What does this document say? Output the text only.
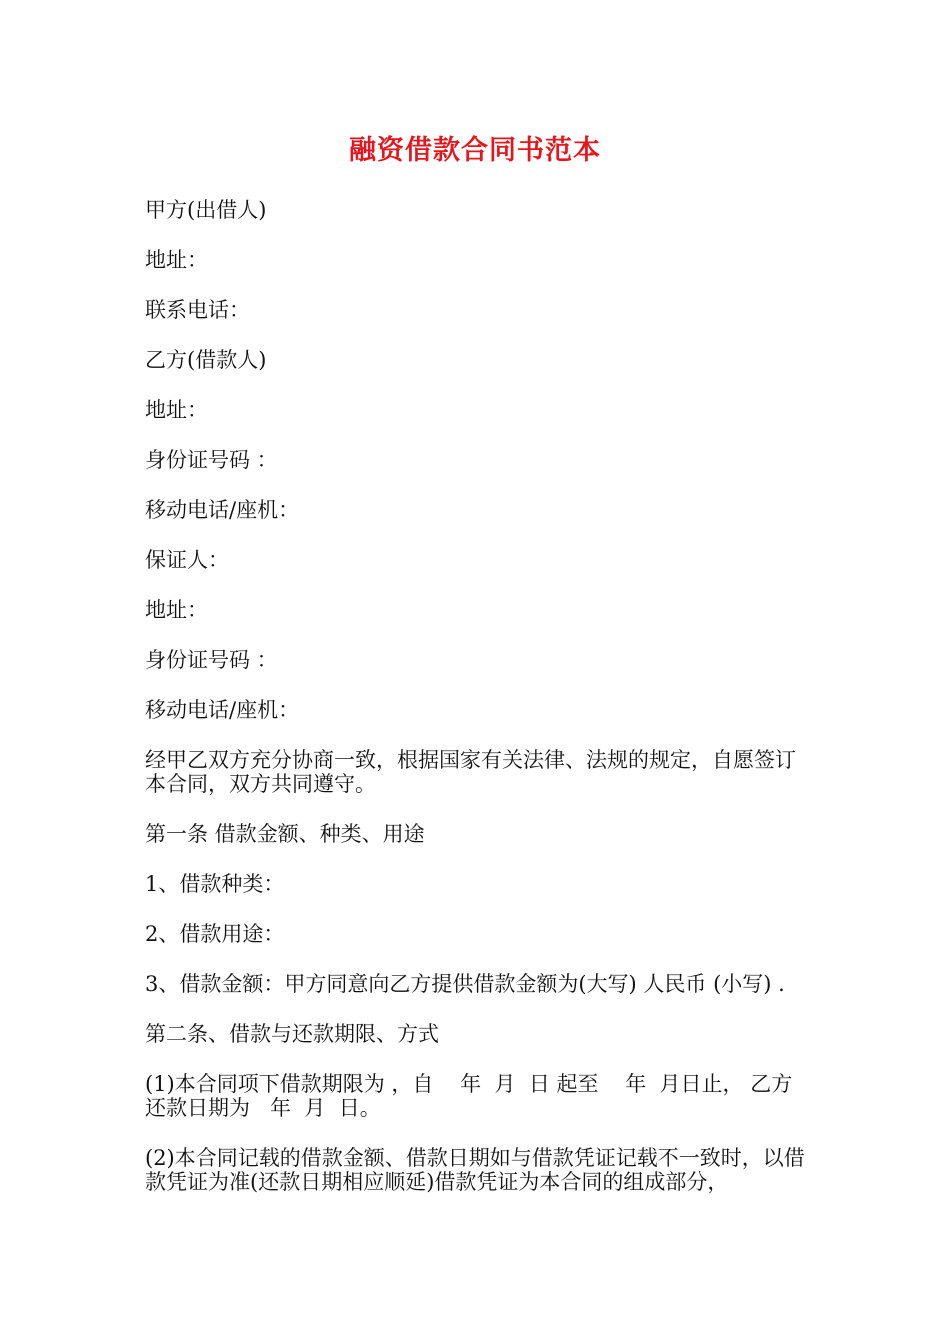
融资借款合同书范本

甲方(出借人)

地址：

联系电话：

乙方(借款人)

地址：

身份证号码 ：

移动电话/座机：

保证人：

地址：

身份证号码 ：

移动电话/座机：

经甲乙双方充分协商一致，根据国家有关法律、法规的规定，自愿签订本合同，双方共同遵守。

第一条 借款金额、种类、用途

1、借款种类：

2、借款用途：

3、借款金额：甲方同意向乙方提供借款金额为(大写) 人民币 (小写) .

第二条、借款与还款期限、方式

(1)本合同项下借款期限为 ，自    年  月  日 起至    年  月日止， 乙方还款日期为   年  月  日。

(2)本合同记载的借款金额、借款日期如与借款凭证记载不一致时，以借款凭证为准(还款日期相应顺延)借款凭证为本合同的组成部分，
